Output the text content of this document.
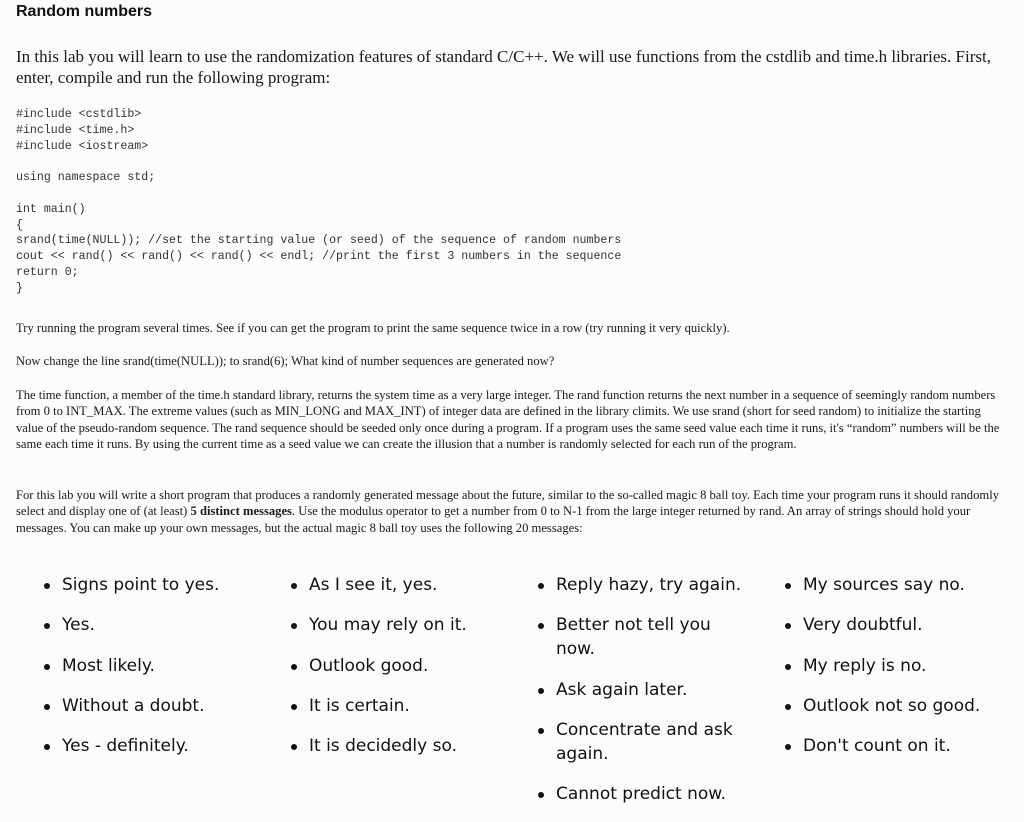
Random numbers

In this lab you will learn to use the randomization features of standard C/C++. We will use functions from the cstdlib and time.h libraries. First, enter, compile and run the following program:

#include <cstdlib>
#include <time.h>
#include <iostream>
using namespace std;
int main()
{
srand(time(NULL)); //set the starting value (or seed) of the sequence of random numbers
cout << rand() << rand() << rand() << endl; //print the first 3 numbers in the sequence
return 0;
}

Try running the program several times. See if you can get the program to print the same sequence twice in a row (try running it very quickly).

Now change the line srand(time(NULL)); to srand(6); What kind of number sequences are generated now?

The time function, a member of the time.h standard library, returns the system time as a very large integer. The rand function returns the next number in a sequence of seemingly random numbers from 0 to INT_MAX. The extreme values (such as MIN_LONG and MAX_INT) of integer data are defined in the library climits. We use srand (short for seed random) to initialize the starting value of the pseudo-random sequence. The rand sequence should be seeded only once during a program. If a program uses the same seed value each time it runs, it's “random” numbers will be the same each time it runs. By using the current time as a seed value we can create the illusion that a number is randomly selected for each run of the program.

For this lab you will write a short program that produces a randomly generated message about the future, similar to the so-called magic 8 ball toy. Each time your program runs it should randomly select and display one of (at least) 5 distinct messages. Use the modulus operator to get a number from 0 to N-1 from the large integer returned by rand. An array of strings should hold your messages. You can make up your own messages, but the actual magic 8 ball toy uses the following 20 messages:

Signs point to yes.
Yes.
Most likely.
Without a doubt.
Yes - definitely.
As I see it, yes.
You may rely on it.
Outlook good.
It is certain.
It is decidedly so.
Reply hazy, try again.
Better not tell you now.
Ask again later.
Concentrate and ask again.
Cannot predict now.
My sources say no.
Very doubtful.
My reply is no.
Outlook not so good.
Don't count on it.
